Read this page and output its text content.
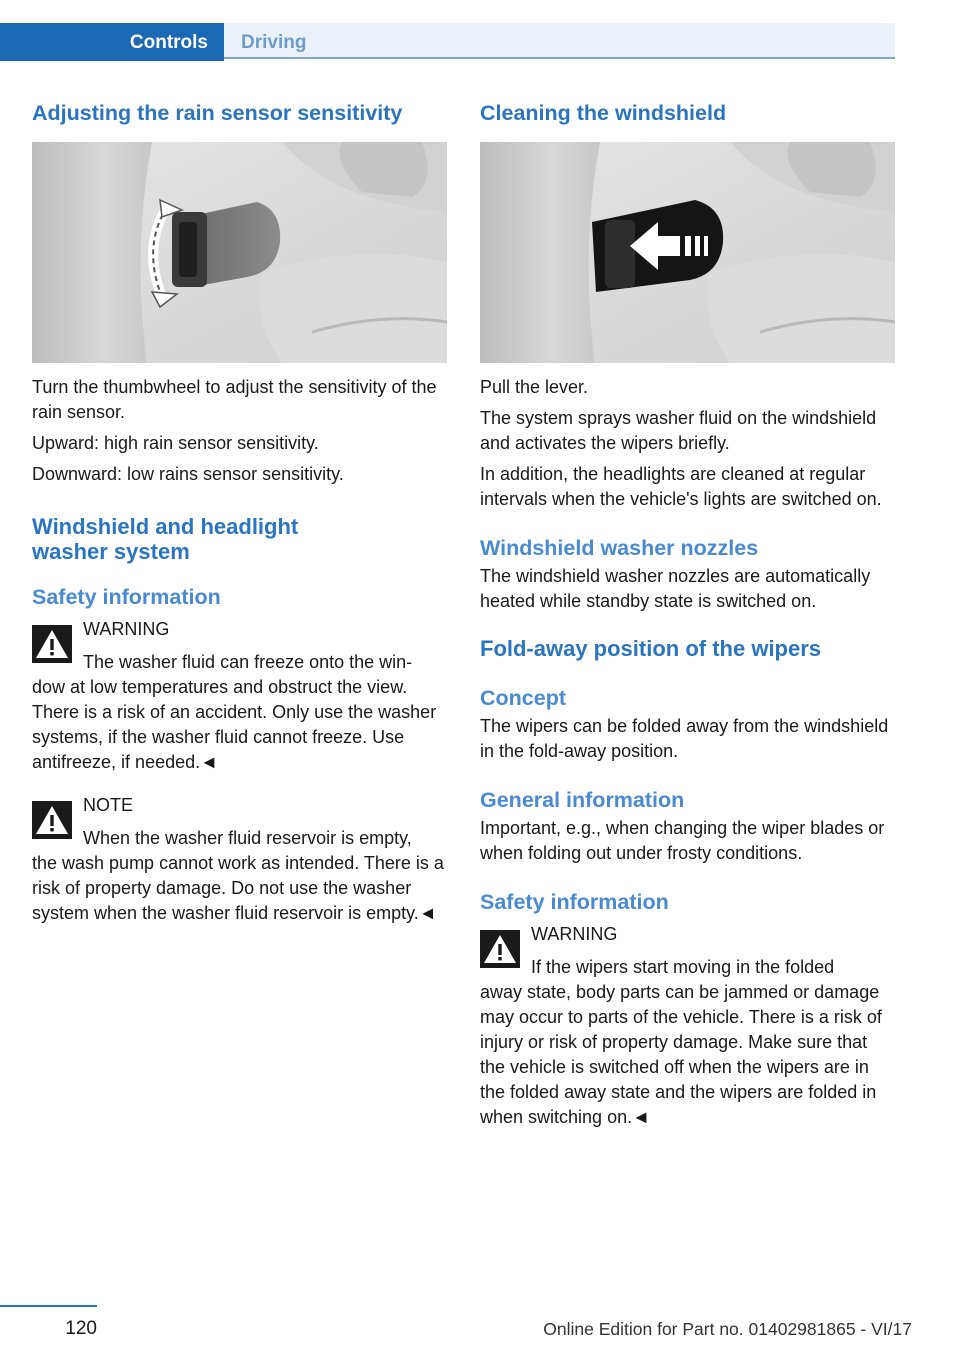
Controls	Driving
Adjusting the rain sensor sensitivity

Turn the thumbwheel to adjust the sensitivity of the rain sensor.

Upward: high rain sensor sensitivity.

Downward: low rains sensor sensitivity.

Windshield and headlight
washer system
Safety information
WARNING
The washer fluid can freeze onto the win-
dow at low temperatures and obstruct the view. There is a risk of an accident. Only use the washer systems, if the washer fluid cannot freeze. Use antifreeze, if needed.◄
NOTE
When the washer fluid reservoir is empty,
the wash pump cannot work as intended. There is a risk of property damage. Do not use the washer system when the washer fluid reservoir is empty.◄
Cleaning the windshield

Pull the lever.

The system sprays washer fluid on the windshield and activates the wipers briefly.

In addition, the headlights are cleaned at regular intervals when the vehicle's lights are switched on.

Windshield washer nozzles

The windshield washer nozzles are automatically heated while standby state is switched on.

Fold-away position of the wipers
Concept

The wipers can be folded away from the windshield in the fold-away position.

General information

Important, e.g., when changing the wiper blades or when folding out under frosty conditions.

Safety information
WARNING
If the wipers start moving in the folded
away state, body parts can be jammed or damage may occur to parts of the vehicle. There is a risk of injury or risk of property damage. Make sure that the vehicle is switched off when the wipers are in the folded away state and the wipers are folded in when switching on.◄
120	Online Edition for Part no. 01402981865 - VI/17
